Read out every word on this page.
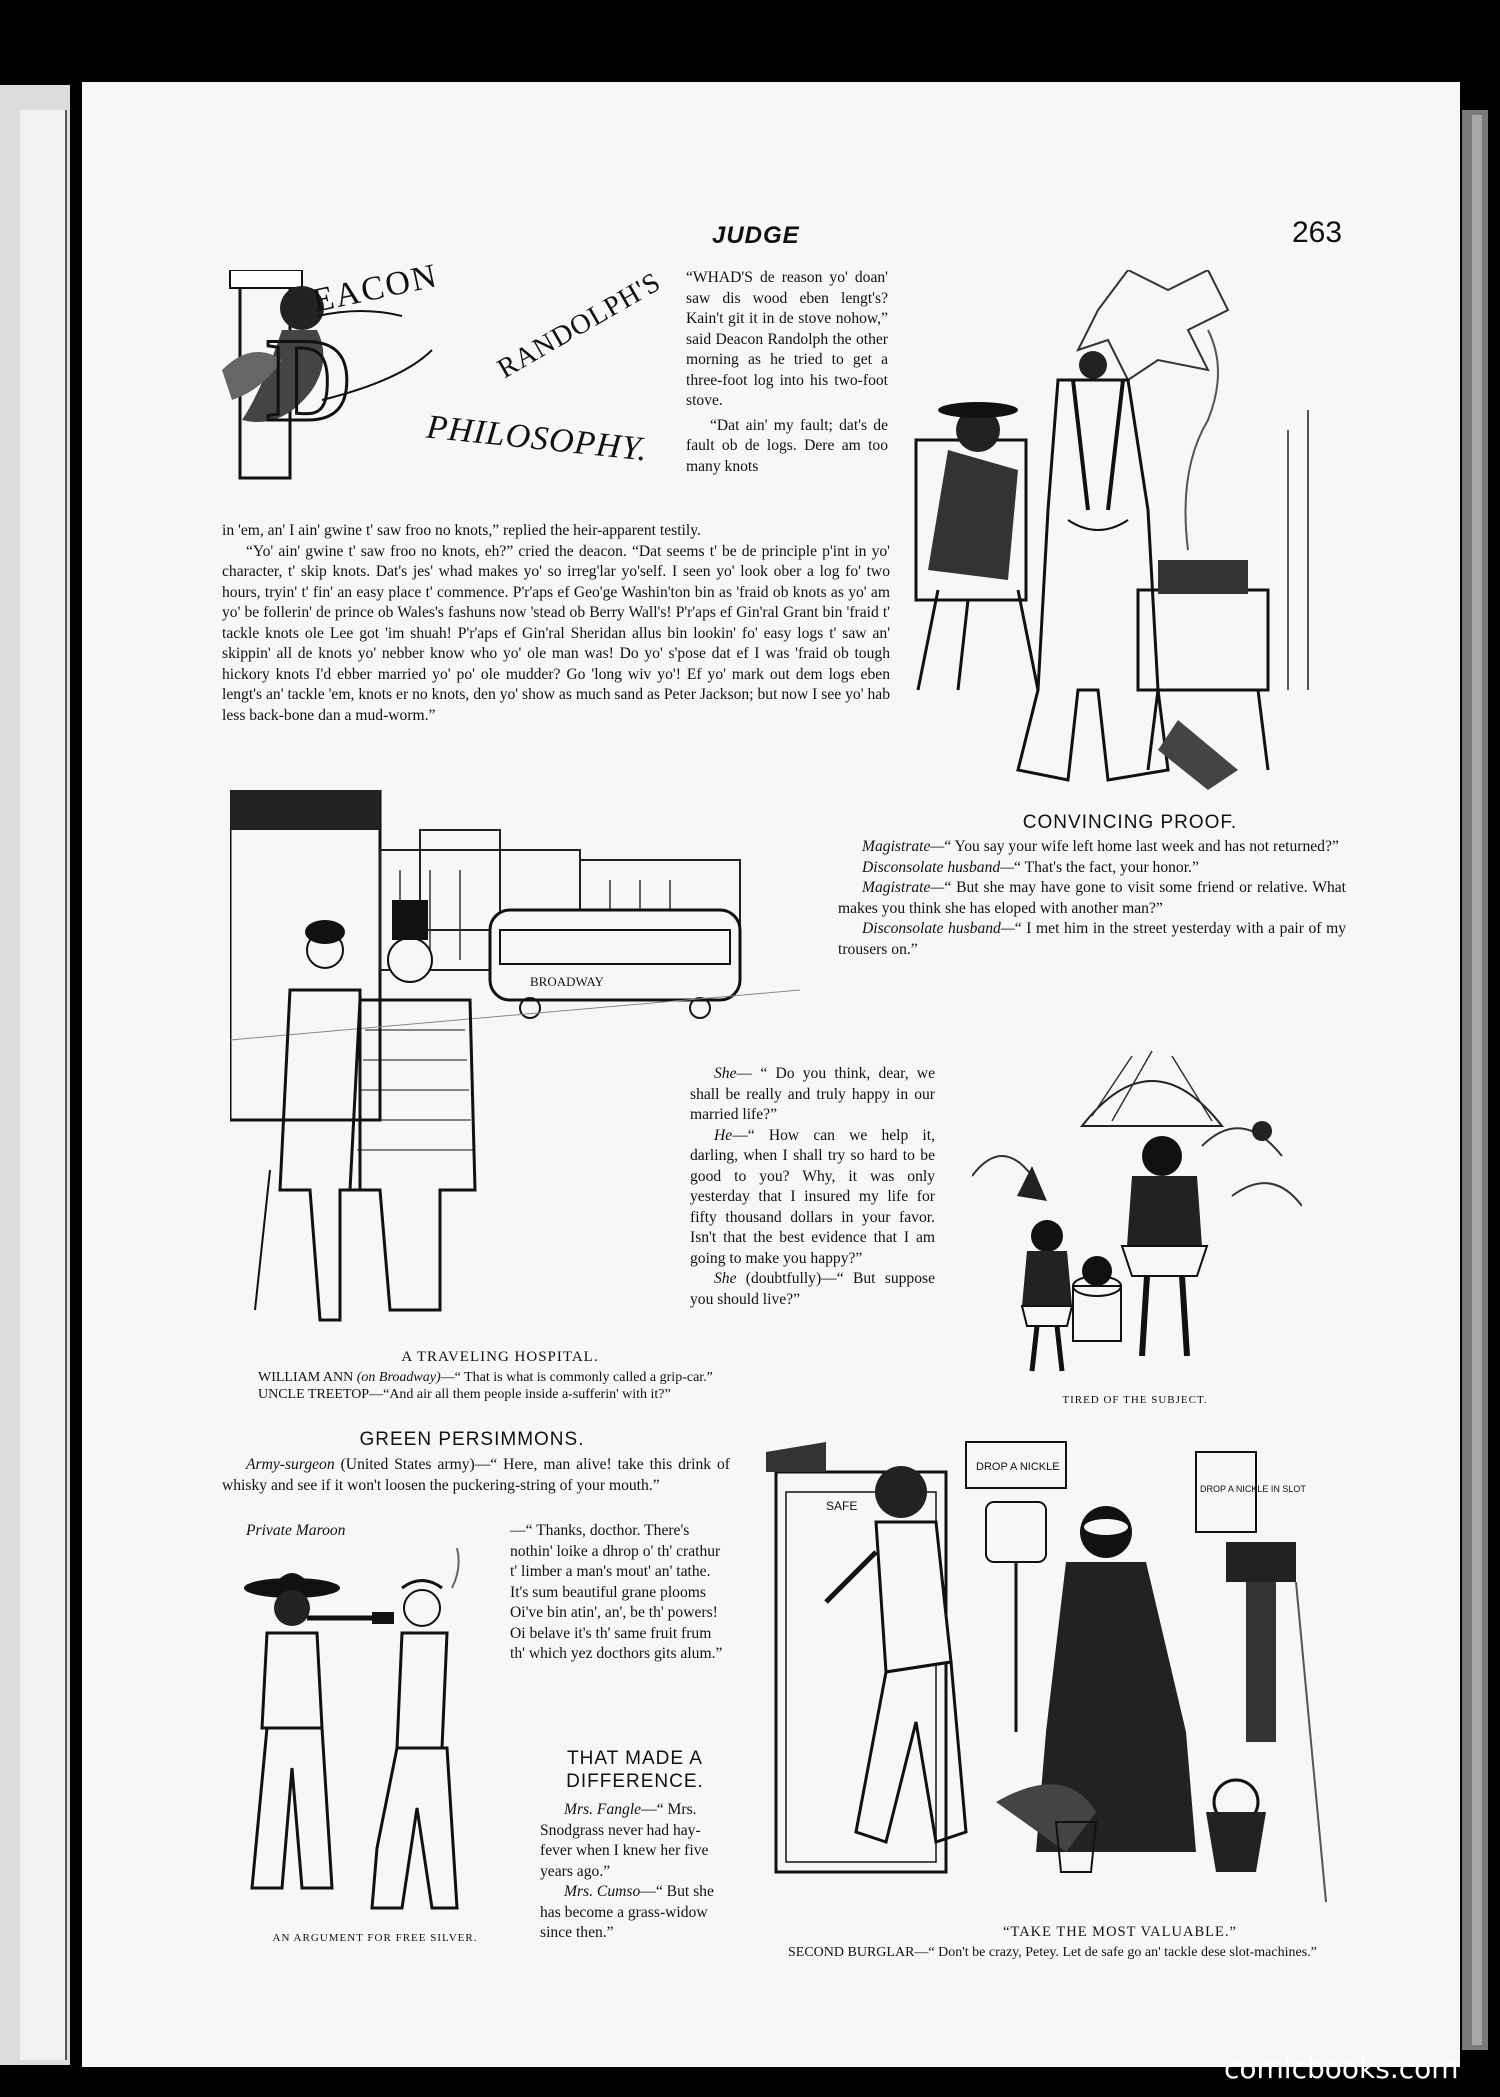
JUDGE	263
D
EACON RANDOLPH'S
PHILOSOPHY.

“WHAD'S de reason yo' doan' saw dis wood eben lengt's? Kain't git it in de stove nohow,” said Deacon Randolph the other morning as he tried to get a three-foot log into his two-foot stove.

“Dat ain' my fault; dat's de fault ob de logs. Dere am too many knots

in 'em, an' I ain' gwine t' saw froo no knots,” replied the heir-apparent testily.

“Yo' ain' gwine t' saw froo no knots, eh?” cried the deacon. “Dat seems t' be de principle p'int in yo' character, t' skip knots. Dat's jes' whad makes yo' so irreg'lar yo'self. I seen yo' look ober a log fo' two hours, tryin' t' fin' an easy place t' commence. P'r'aps ef Geo'ge Washin'ton bin as 'fraid ob knots as yo' am yo' be follerin' de prince ob Wales's fashuns now 'stead ob Berry Wall's! P'r'aps ef Gin'ral Grant bin 'fraid t' tackle knots ole Lee got 'im shuah! P'r'aps ef Gin'ral Sheridan allus bin lookin' fo' easy logs t' saw an' skippin' all de knots yo' nebber know who yo' ole man was! Do yo' s'pose dat ef I was 'fraid ob tough hickory knots I'd ebber married yo' po' ole mudder? Go 'long wiv yo'! Ef yo' mark out dem logs eben lengt's an' tackle 'em, knots er no knots, den yo' show as much sand as Peter Jackson; but now I see yo' hab less back-bone dan a mud-worm.”

BROADWAY
A TRAVELING HOSPITAL.
WILLIAM ANN (on Broadway)—“ That is what is commonly called a grip-car.”
UNCLE TREETOP—“And air all them people inside a-sufferin' with it?”
CONVINCING PROOF.

Magistrate—“ You say your wife left home last week and has not returned?”

Disconsolate husband—“ That's the fact, your honor.”

Magistrate—“ But she may have gone to visit some friend or relative. What makes you think she has eloped with another man?”

Disconsolate husband—“ I met him in the street yesterday with a pair of my trousers on.”

She— “ Do you think, dear, we shall be really and truly happy in our married life?”

He—“ How can we help it, darling, when I shall try so hard to be good to you? Why, it was only yesterday that I insured my life for fifty thousand dollars in your favor. Isn't that the best evidence that I am going to make you happy?”

She (doubtfully)—“ But suppose you should live?”

TIRED OF THE SUBJECT.
GREEN PERSIMMONS.

Army-surgeon (United States army)—“ Here, man alive! take this drink of whisky and see if it won't loosen the puckering-string of your mouth.”

Private Maroon	—“ Thanks, docthor. There's nothin' loike a dhrop o' th' crathur t' limber a man's mout' an' tathe. It's sum beautiful grane plooms Oi've bin atin', an', be th' powers! Oi belave it's th' same fruit frum th' which yez docthors gits alum.”

AN ARGUMENT FOR FREE SILVER.
THAT MADE A
DIFFERENCE.

Mrs. Fangle—“ Mrs. Snodgrass never had hay-fever when I knew her five years ago.”

Mrs. Cumso—“ But she has become a grass-widow since then.”

SAFE
DROP A NICKLE
DROP A NICKLE IN SLOT
“TAKE THE MOST VALUABLE.”
SECOND BURGLAR—“ Don't be crazy, Petey. Let de safe go an' tackle dese slot-machines.”
comicbooks.com
